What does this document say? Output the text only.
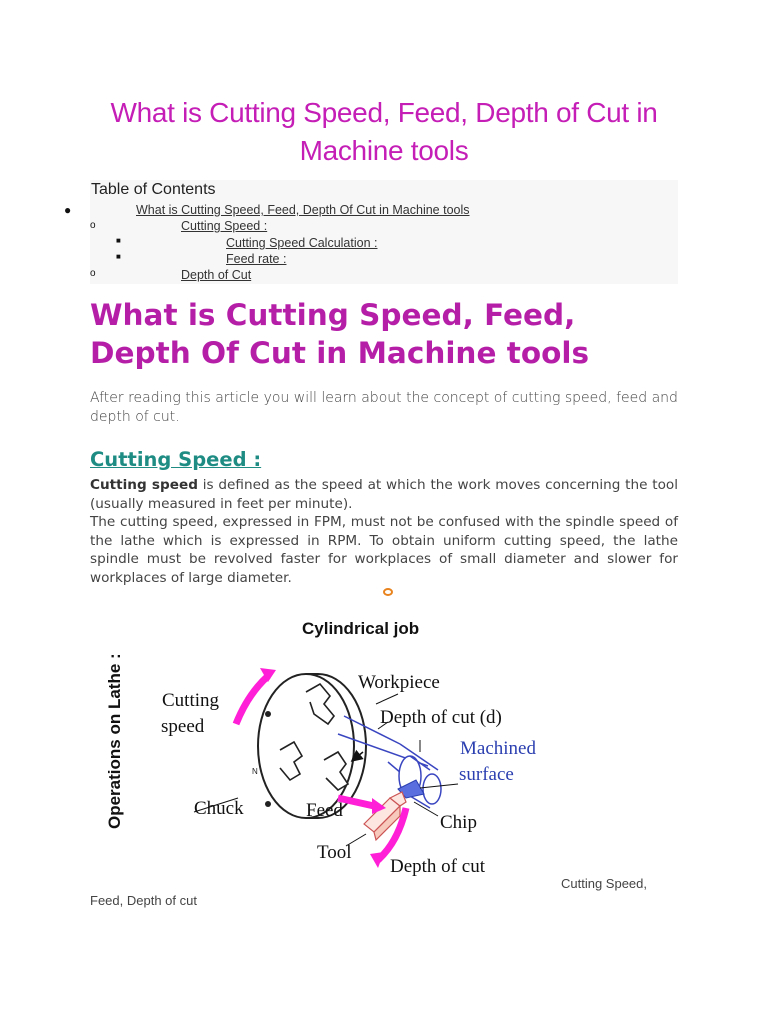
What is Cutting Speed, Feed, Depth of Cut in
Machine tools
Table of Contents
●	What is Cutting Speed, Feed, Depth Of Cut in Machine tools
o	Cutting Speed :
■	Cutting Speed Calculation :
■	Feed rate :
o	Depth of Cut
What is Cutting Speed, Feed,
Depth Of Cut in Machine tools
After reading this article you will learn about the concept of cutting speed, feed and depth of cut.
Cutting Speed :
Cutting speed is defined as the speed at which the work moves concerning the tool (usually measured in feet per minute).
The cutting speed, expressed in FPM, must not be confused with the spindle speed of the lathe which is expressed in RPM. To obtain uniform cutting speed, the lathe spindle must be revolved faster for workplaces of small diameter and slower for workplaces of large diameter.
Operations on Lathe :
Cylindrical job
N
Cutting
speed
Workpiece
Depth of cut (d)
Chuck	Feed
Chip
Tool
Depth of cut
Machined
surface
Cutting Speed,
Feed, Depth of cut
